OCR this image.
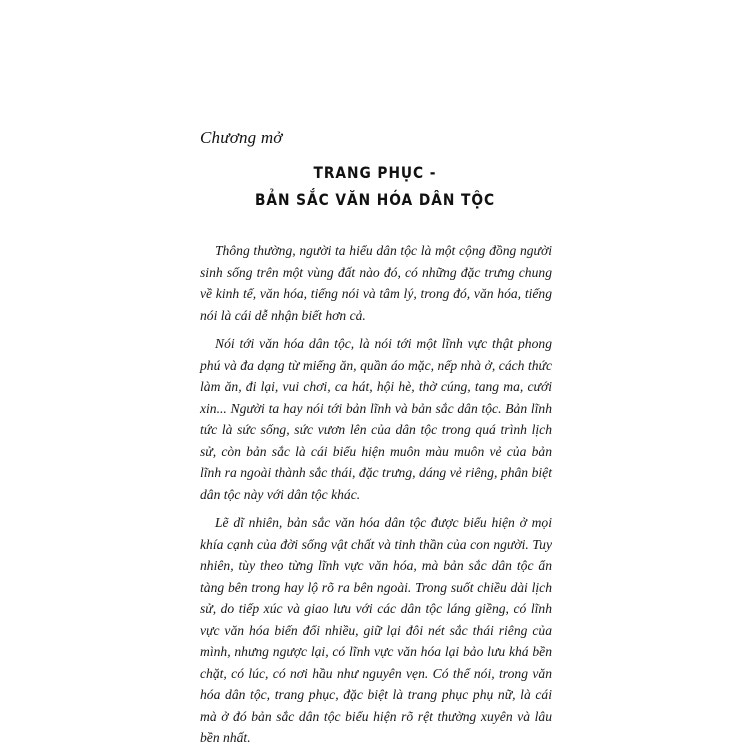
Chương mở
TRANG PHỤC -
BẢN SẮC VĂN HÓA DÂN TỘC

Thông thường, người ta hiểu dân tộc là một cộng đồng người sinh sống trên một vùng đất nào đó, có những đặc trưng chung về kinh tế, văn hóa, tiếng nói và tâm lý, trong đó, văn hóa, tiếng nói là cái dễ nhận biết hơn cả.

Nói tới văn hóa dân tộc, là nói tới một lĩnh vực thật phong phú và đa dạng từ miếng ăn, quần áo mặc, nếp nhà ở, cách thức làm ăn, đi lại, vui chơi, ca hát, hội hè, thờ cúng, tang ma, cưới xin... Người ta hay nói tới bản lĩnh và bản sắc dân tộc. Bản lĩnh tức là sức sống, sức vươn lên của dân tộc trong quá trình lịch sử, còn bản sắc là cái biểu hiện muôn màu muôn vẻ của bản lĩnh ra ngoài thành sắc thái, đặc trưng, dáng vẻ riêng, phân biệt dân tộc này với dân tộc khác.

Lẽ dĩ nhiên, bản sắc văn hóa dân tộc được biểu hiện ở mọi khía cạnh của đời sống vật chất và tinh thần của con người. Tuy nhiên, tùy theo từng lĩnh vực văn hóa, mà bản sắc dân tộc ẩn tàng bên trong hay lộ rõ ra bên ngoài. Trong suốt chiều dài lịch sử, do tiếp xúc và giao lưu với các dân tộc láng giềng, có lĩnh vực văn hóa biến đổi nhiều, giữ lại đôi nét sắc thái riêng của mình, nhưng ngược lại, có lĩnh vực văn hóa lại bảo lưu khá bền chặt, có lúc, có nơi hầu như nguyên vẹn. Có thể nói, trong văn hóa dân tộc, trang phục, đặc biệt là trang phục phụ nữ, là cái mà ở đó bản sắc dân tộc biểu hiện rõ rệt thường xuyên và lâu bền nhất.
